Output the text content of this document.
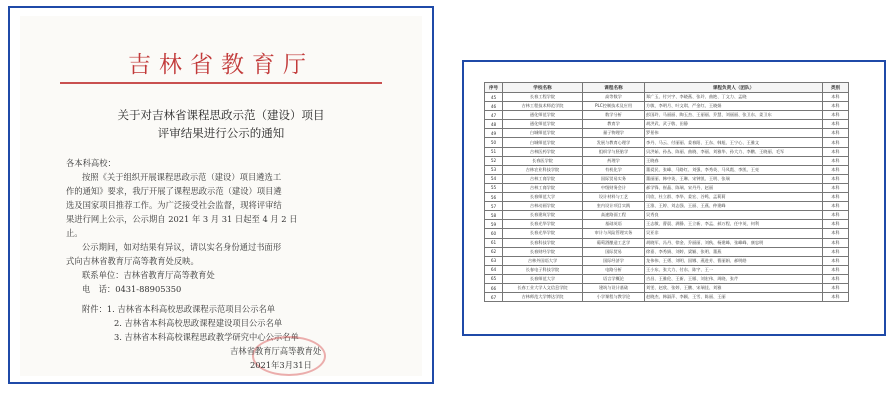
吉林省教育厅
关于对吉林省课程思政示范（建设）项目
评审结果进行公示的通知
各本科高校：
按照《关于组织开展课程思政示范（建设）项目遴选工
作的通知》要求，我厅开展了课程思政示范（建设）项目遴
选及国家项目推荐工作。为广泛接受社会监督，现将评审结
果进行网上公示，公示期自 2021 年 3 月 31 日起至 4 月 2 日
止。
公示期间，如对结果有异议，请以实名身份通过书面形
式向吉林省教育厅高等教育处反映。
联系单位：吉林省教育厅高等教育处
电　话：0431-88905350
附件：1. 吉林省本科高校思政课程示范项目公示名单
2. 吉林省本科高校思政课程建设项目公示名单
3. 吉林省本科高校课程思政教学研究中心公示名单
吉林省教育厅高等教育处
2021年3月31日
序号	学校名称	课程名称	课程负责人（团队）	类别
45	长春工程学院	高等数学	郑广玉、付兴宇、李晓燕、张玲、曲艳、丁文力、孟晓	本科
46	吉林工程技术师范学院	PLC控制技术及应用	方敏、李明月、叶文琪、严金红、王晓娟	本科
47	通化师范学院	数学分析	彭国玲、马丽丽、陶玉杰、王丽丽、乔慧、刘丽丽、张卫东、姜卫东	本科
48	通化师范学院	教育学	胡洪武、武子敬、田静	本科
49	白城师范学院	量子物理学	罗景伟	本科
50	白城师范学院	发展与教育心理学	李丹、马云、付丽丽、姜春阳、王东、韩旭、王宁心、王雅文	本科
51	吉林医药学院	组织学与胚胎学	贝洪茹、孙丛、陈丽、曲晓、李丽、刘雅华、孙大力、李鹏、王晓丽、毛军	本科
52	长春医学院	药理学	王晓春	本科
53	吉林农业科技学院	有机化学	董爱民、张峰、马路红、刘强、李秀英、马凤霞、李凯、王亮	本科
54	吉林工商学院	国际贸易实务	董丽丽、韩中英、王琳、宋钟凯、王明、张瑞	本科
55	吉林工商学院	中级财务会计	郝学锋、崔晶、陈瑞、宋丹丹、赵丽	本科
56	长春师范大学	设计材料与工艺	闫欣、杜立群、李华、姜宏、谷鸣、孟莉莉	本科
57	吉林动画学院	室内设计项目实践	王淮、王婷、刘志强、王丽、王燕、仲建峰	本科
58	长春建筑学院	高速路面工程	吴秀良	本科
59	长春光华学院	基础英语	王志敏、曹晨、满静、王立新、李孟、郝万程、任中英、何利	本科
60	长春光华学院	审计与风险管理实务	吴亚非	本科
61	长春科技学院	葡萄酒酿造工艺学	胡晓军、冯丹、徐金、乔丽丽、刘秋、杨建峰、张峰峰、康忠明	本科
62	长春财经学院	国际贸易	徐嘉、李秀娟、刘婷、梁颖、张明、董燕	本科
63	吉林外国语大学	国际经济学	龙伟伟、王勇、刘明、国娜、燕进芳、曹丽娟、郝明皓	本科
64	长春电子科技学院	电路分析	王小东、张大力、付东、陈宇、王一	本科
65	长春师范大学	语言学概论	吉昌、王雅伦、王新、王雁、刘宏伟、周晓、张芹	本科
66	长春工业大学人文信息学院	建筑与设计基础	刘雯、赵欣、张婷、王鹏、宋瑞佳、刘雅	本科
67	吉林师范大学博达学院	小学课程与教学论	赵晓杰、韩淑萍、李颖、王雪、陈丽、王丽	本科
